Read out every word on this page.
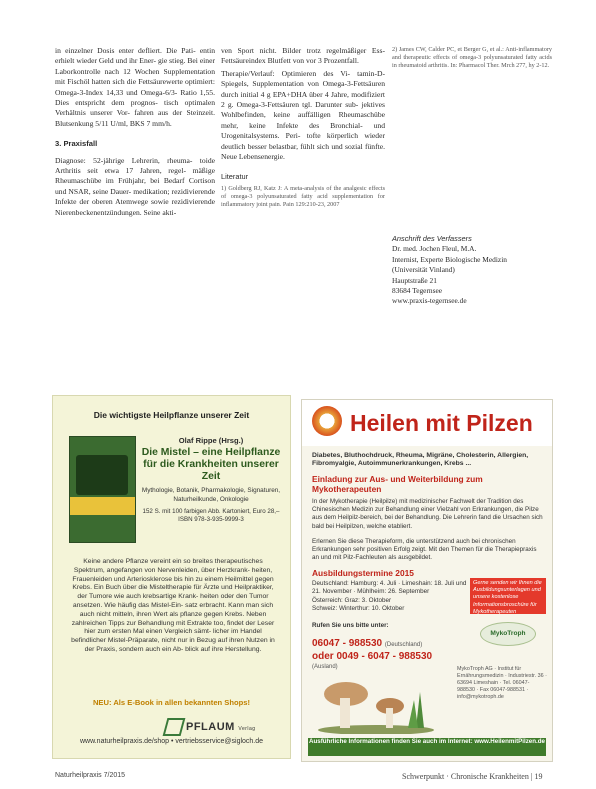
in einzelner Dosis enter defliert. Die Pati- entin erhielt wieder Geld und ihr Ener- gie stieg. Bei einer Laborkontrolle nach 12 Wochen Supplementation mit Fischöl hatten sich die Fettsäurewerte optimiert: Omega-3-Index 14,33 und Omega-6/3- Ratio 1,55. Dies entspricht dem prognos- tisch optimalen Verhältnis unserer Vor- fahren aus der Steinzeit. Blutsenkung 5/11 U/ml, BKS 7 mm/h.

3. Praxisfall

Diagnose: 52-jährige Lehrerin, rheuma- toide Arthritis seit etwa 17 Jahren, regel- mäßige Rheumaschübe im Frühjahr, bei Bedarf Cortison und NSAR, seine Dauer- medikation; rezidivierende Infekte der oberen Atemwege sowie rezidivierende Nierenbeckenentzündungen. Seine akti-

ven Sport nicht. Bilder trotz regelmäßiger Ess- Fettsäureindex Blutfett von vor 3 Prozentfall.

Therapie/Verlauf: Optimieren des Vi- tamin-D-Spiegels, Supplementation von Omega-3-Fettsäuren durch initial 4 g EPA+DHA über 4 Jahre, modifiziert 2 g. Omega-3-Fettsäuren tgl. Darunter sub- jektives Wohlbefinden, keine auffälligen Rheumaschübe mehr, keine Infekte des Bronchial- und Urogenitalsystems. Peri- tofte körperlich wieder deutlich besser belastbar, fühlt sich und sozial fünfte. Neue Lebensenergie.

Literatur
1) Goldberg RJ, Katz J: A meta-analysis of the analgesic effects of omega-3 polyunsaturated fatty acid supplementation for inflammatory joint pain. Pain 129:210-23, 2007
2) James CW, Calder PC, et Berger G, et al.: Anti-inflammatory and therapeutic effects of omega-3 polyunsaturated fatty acids in rheumatoid arthritis. In: Pharmacol Ther. Mrch 277, hy 2-12.
Anschrift des Verfassers
Dr. med. Jochen Fleul, M.A.
Internist, Experte Biologische Medizin
(Universität Vinland)
Hauptstraße 21
83684 Tegernsee
www.praxis-tegernsee.de
Die wichtigste Heilpflanze unserer Zeit
Olaf Rippe (Hrsg.)
Die Mistel – eine Heilpflanze für die Krankheiten unserer Zeit
Mythologie, Botanik, Pharmakologie, Signaturen, Naturheilkunde, Onkologie
152 S. mit 100 farbigen Abb. Kartoniert, Euro 28,– ISBN 978-3-935-9999-3
Keine andere Pflanze vereint ein so breites therapeutisches Spektrum, angefangen von Nervenleiden, über Herzkrank- heiten, Frauenleiden und Arteriosklerose bis hin zu einem Heilmittel gegen Krebs. Ein Buch über die Misteltherapie für Ärzte und Heilpraktiker, der Tumore wie auch krebsartige Krank- heiten oder den Tumor ansetzen. Wie häufig das Mistel-Ein- satz erbracht. Kann man sich auch nicht mitteln, ihren Wert als pflanze gegen Krebs. Neben zahlreichen Tipps zur Behandlung mit Extrakte too, findet der Leser hier zum ersten Mal einen Vergleich sämt- licher im Handel befindlicher Mistel-Präparate, nicht nur in Bezug auf ihren Nutzen in der Praxis, sondern auch ein Ab- blick auf ihre Herstellung.
NEU: Als E-Book in allen bekannten Shops!
PFLAUM Verlag
www.naturheilpraxis.de/shop • vertriebsservice@sigloch.de
Heilen mit Pilzen
Diabetes, Bluthochdruck, Rheuma, Migräne, Cholesterin, Allergien, Fibromyalgie, Autoimmunerkrankungen, Krebs ...
Einladung zur Aus- und Weiterbildung zum Mykotherapeuten
In der Mykotherapie (Heilpilze) mit medizinischer Fachwelt der Tradition des Chinesischen Medizin zur Behandlung einer Vielzahl von Erkrankungen, die Pilze aus dem Heilpilz-bereich, bei der Behandlung. Die Lehrerin fand die Ursachen sich bald bei Heilpilzen, welche etabliert.
Erlernen Sie diese Therapieform, die unterstützend auch bei chronischen Erkrankungen sehr positiven Erfolg zeigt. Mit den Themen für die Therapiepraxis an und mit Pilz-Fachleuten als ausgebildet.
Ausbildungstermine 2015
Deutschland: Hamburg: 4. Juli · Limeshain: 18. Juli und 21. November · Mühlheim: 26. September
Österreich: Graz: 3. Oktober
Schweiz: Winterthur: 10. Oktober
Gerne senden wir Ihnen die Ausbildungsunterlagen und unsere kostenlose Informationsbroschüre für Mykotherapeuten
Rufen Sie uns bitte unter:
06047 - 988530 (Deutschland)
oder 0049 - 6047 - 988530
(Ausland)
MykoTroph
MykoTroph AG · Institut für Ernährungsmedizin · Industriestr. 36 · 63694 Limeshain · Tel. 06047-988530 · Fax 06047-988531 · info@mykotroph.de
Ausführliche Informationen finden Sie auch im Internet: www.HeilenmitPilzen.de
Naturheilpraxis 7/2015	Schwerpunkt · Chronische Krankheiten | 19
